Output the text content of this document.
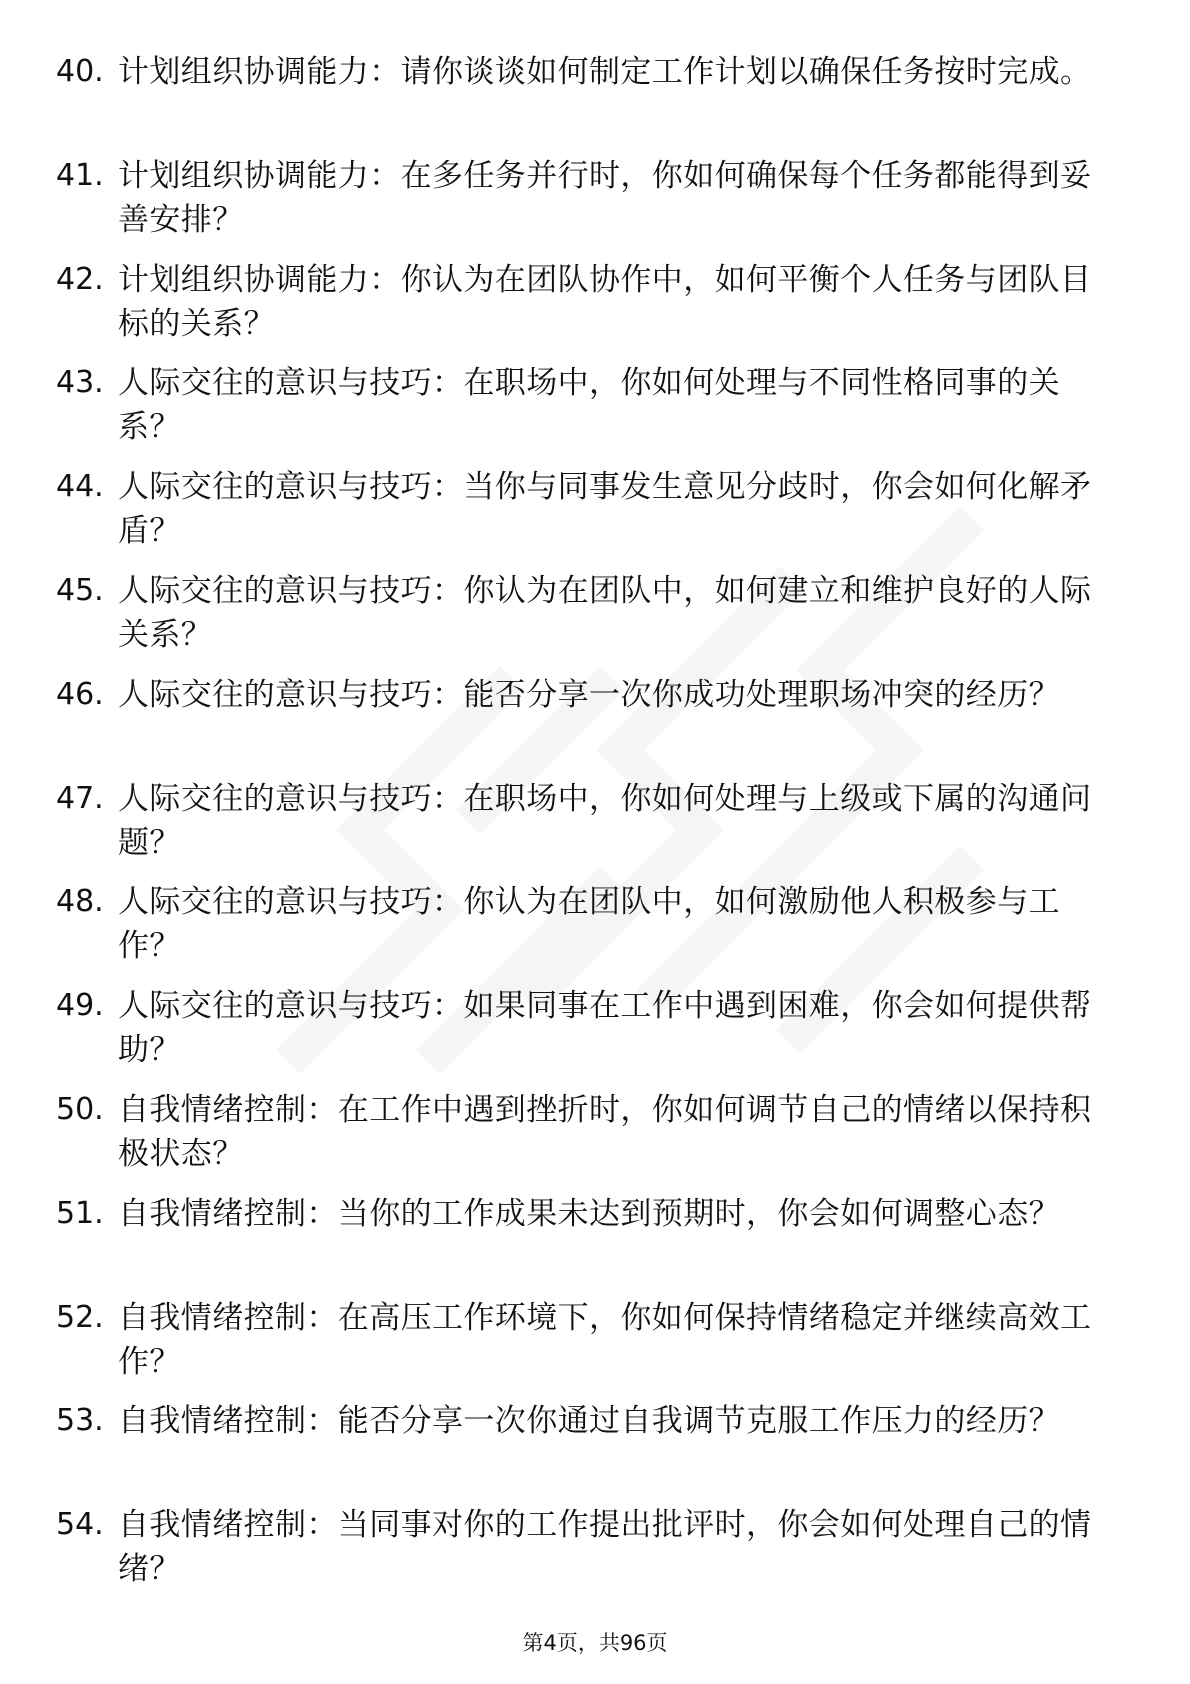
40. 计划组织协调能力：请你谈谈如何制定工作计划以确保任务按时完成。
41. 计划组织协调能力：在多任务并行时，你如何确保每个任务都能得到妥善安排？
42. 计划组织协调能力：你认为在团队协作中，如何平衡个人任务与团队目标的关系？
43. 人际交往的意识与技巧：在职场中，你如何处理与不同性格同事的关系？
44. 人际交往的意识与技巧：当你与同事发生意见分歧时，你会如何化解矛盾？
45. 人际交往的意识与技巧：你认为在团队中，如何建立和维护良好的人际关系？
46. 人际交往的意识与技巧：能否分享一次你成功处理职场冲突的经历？
47. 人际交往的意识与技巧：在职场中，你如何处理与上级或下属的沟通问题？
48. 人际交往的意识与技巧：你认为在团队中，如何激励他人积极参与工作？
49. 人际交往的意识与技巧：如果同事在工作中遇到困难，你会如何提供帮助？
50. 自我情绪控制：在工作中遇到挫折时，你如何调节自己的情绪以保持积极状态？
51. 自我情绪控制：当你的工作成果未达到预期时，你会如何调整心态？
52. 自我情绪控制：在高压工作环境下，你如何保持情绪稳定并继续高效工作？
53. 自我情绪控制：能否分享一次你通过自我调节克服工作压力的经历？
54. 自我情绪控制：当同事对你的工作提出批评时，你会如何处理自己的情绪？
第4页，共96页
